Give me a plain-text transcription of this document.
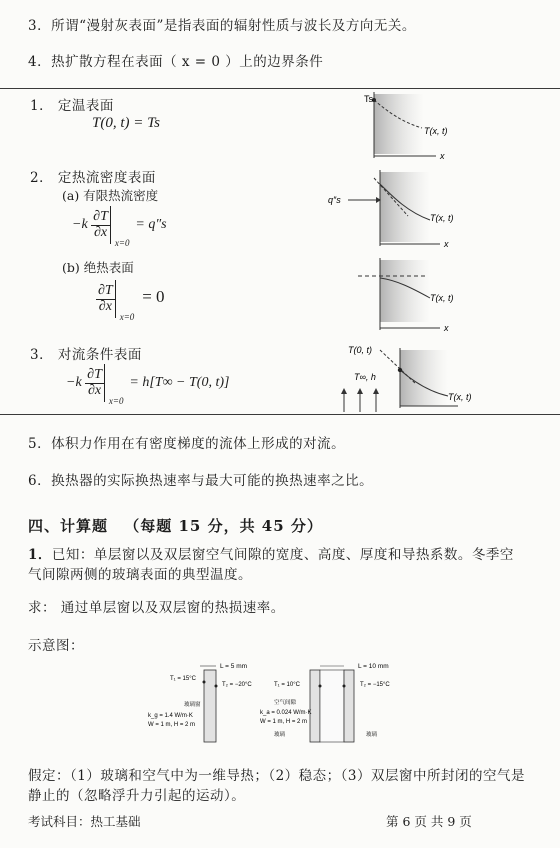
3．所谓“漫射灰表面”是指表面的辐射性质与波长及方向无关。
4．热扩散方程在表面（ x = 0 ）上的边界条件
1． 定温表面
T(0, t) = Ts
2． 定热流密度表面
(a) 有限热流密度
$-k \frac{\partial T}{\partial x}$
x=0
= q″s
(b) 绝热表面
$\frac{\partial T}{\partial x}$
x=0
= 0
3． 对流条件表面
$-k \frac{\partial T}{\partial x}$
x=0
= h[T∞ − T(0, t)]
Ts
T(x, t)
x
q″s
T(x, t)
x
T(x, t)
x
T(0, t)
T∞, h
T(x, t)
5．体积力作用在有密度梯度的流体上形成的对流。
6．换热器的实际换热速率与最大可能的换热速率之比。
四、计算题 （每题 15 分，共 45 分）
1．已知：单层窗以及双层窗空气间隙的宽度、高度、厚度和导热系数。冬季空
气间隙两侧的玻璃表面的典型温度。
求： 通过单层窗以及双层窗的热损速率。
示意图：
L = 5 mm
T₁ = 15°C
T₂ = −20°C
玻璃窗
k_g = 1.4 W/m·K
W = 1 m, H = 2 m
L = 10 mm
T₁ = 10°C	T₂ = −15°C
空气间隙
k_a = 0.024 W/m·K
W = 1 m, H = 2 m
玻璃	玻璃
假定：（1）玻璃和空气中为一维导热；（2）稳态；（3）双层窗中所封闭的空气是
静止的（忽略浮升力引起的运动）。
考试科目：热工基础	第 6 页 共 9 页
